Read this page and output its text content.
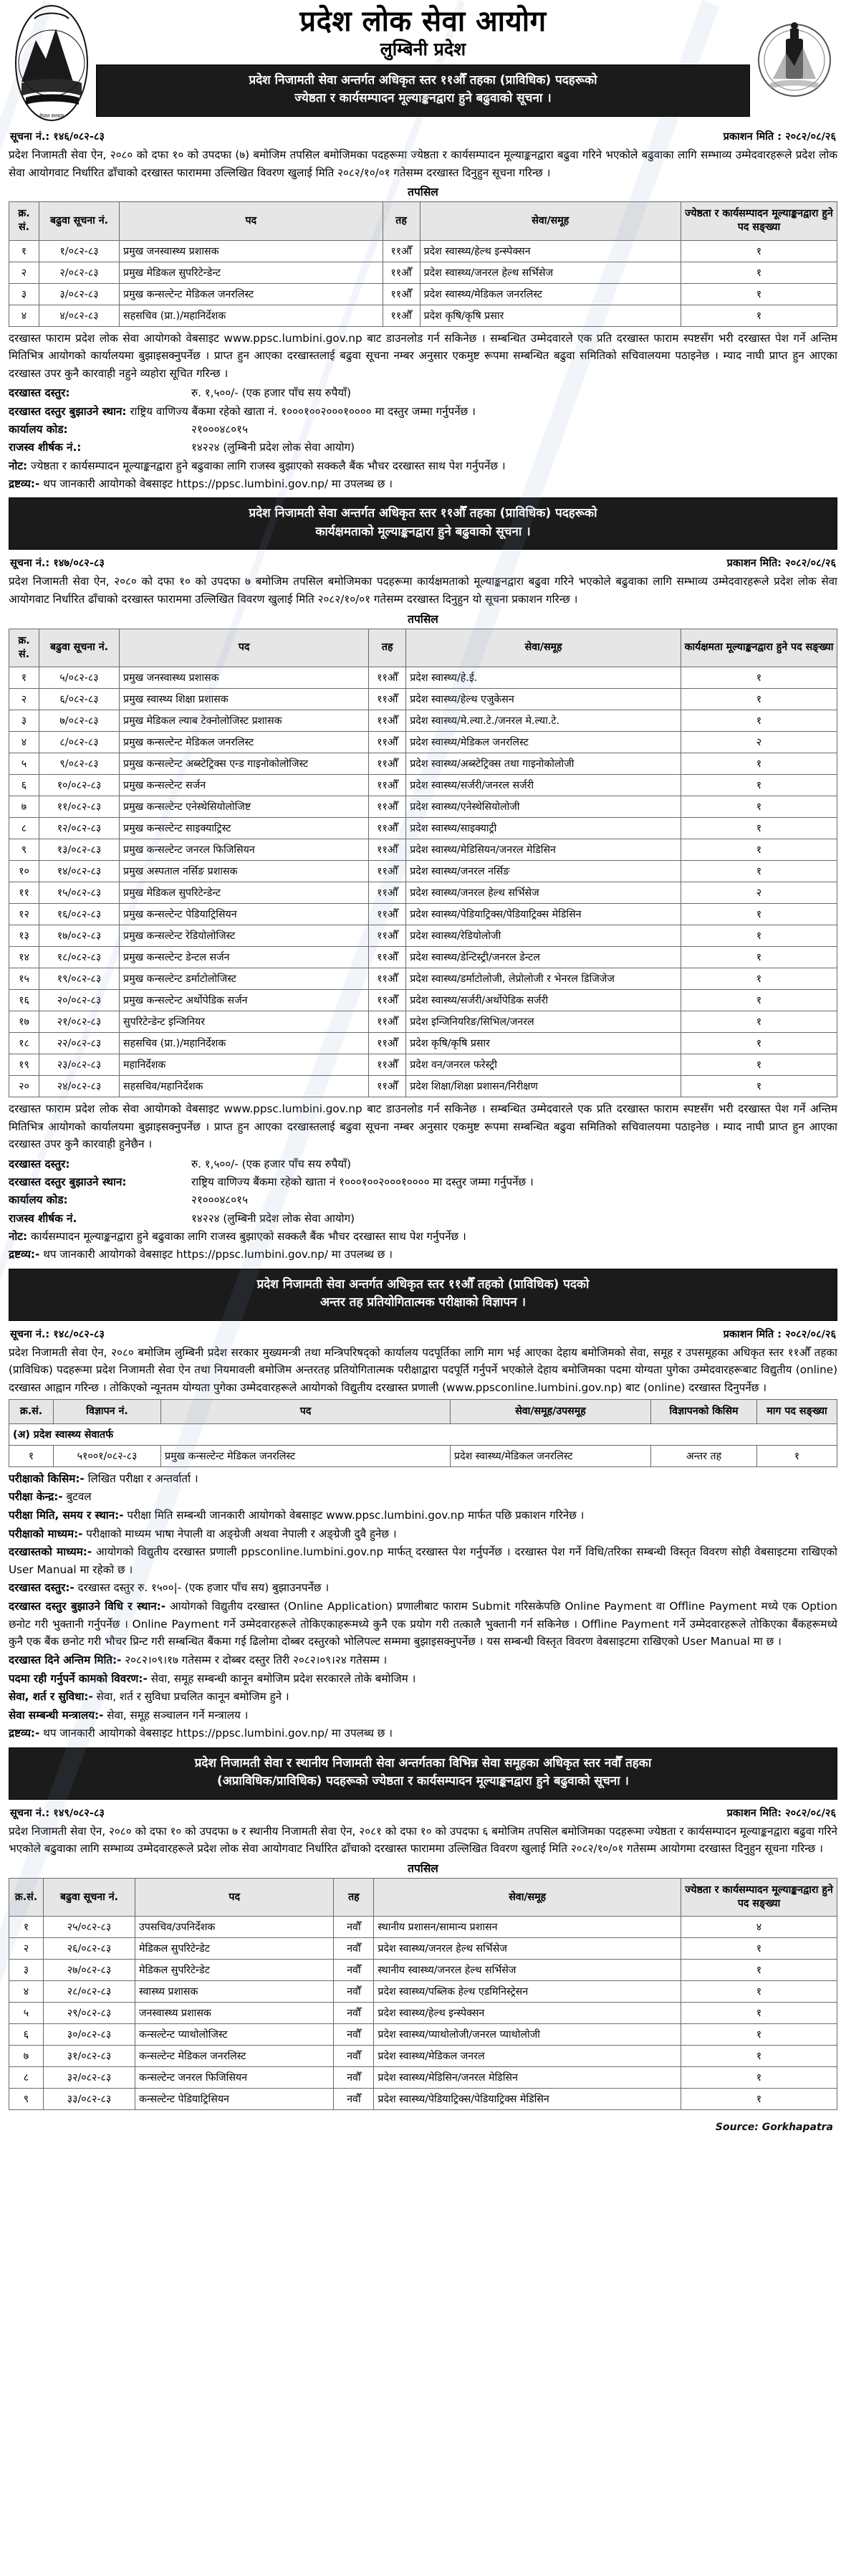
नेपाल सरकार
प्रदेश लोक सेवा आयोग
लुम्बिनी प्रदेश
प्रदेश निजामती सेवा अन्तर्गत अधिकृत स्तर ११औँ तहका (प्राविधिक) पदहरूको
ज्येष्ठता र कार्यसम्पादन मूल्याङ्कनद्वारा हुने बढुवाको सूचना ।
सूचना नं.: १४६/०८२-८३	प्रकाशन मिति : २०८२/०८/२६

प्रदेश निजामती सेवा ऐन, २०८० को दफा १० को उपदफा (७) बमोजिम तपसिल बमोजिमका पदहरूमा ज्येष्ठता र कार्यसम्पादन मूल्याङ्कनद्वारा बढुवा गरिने भएकोले बढुवाका लागि सम्भाव्य उम्मेदवारहरूले प्रदेश लोक सेवा आयोगवाट निर्धारित ढाँचाको दरखास्त फाराममा उल्लिखित विवरण खुलाई मिति २०८२/१०/०१ गतेसम्म दरखास्त दिनुहुन सूचना गरिन्छ ।

तपसिल
क्र. सं.	बढुवा सूचना नं.	पद	तह	सेवा/समूह	ज्येष्ठता र कार्यसम्पादन मूल्याङ्कनद्वारा हुने पद सङ्ख्या
१	१/०८२-८३	प्रमुख जनस्वास्थ्य प्रशासक	११औँ	प्रदेश स्वास्थ्य/हेल्थ इन्स्पेक्सन	१
२	२/०८२-८३	प्रमुख मेडिकल सुपरिटेन्डेन्ट	११औँ	प्रदेश स्वास्थ्य/जनरल हेल्थ सर्भिसेज	१
३	३/०८२-८३	प्रमुख कन्सल्टेन्ट मेडिकल जनरलिस्ट	११औँ	प्रदेश स्वास्थ्य/मेडिकल जनरलिस्ट	१
४	४/०८२-८३	सहसचिव (प्रा.)/महानिर्देशक	११औँ	प्रदेश कृषि/कृषि प्रसार	१

दरखास्त फाराम प्रदेश लोक सेवा आयोगको वेबसाइट www.ppsc.lumbini.gov.np बाट डाउनलोड गर्न सकिनेछ । सम्बन्धित उम्मेदवारले एक प्रति दरखास्त फाराम स्पष्टसँग भरी दरखास्त पेश गर्ने अन्तिम मितिभित्र आयोगको कार्यालयमा बुझाइसक्नुपर्नेछ । प्राप्त हुन आएका दरखास्तलाई बढुवा सूचना नम्बर अनुसार एकमुष्ट रूपमा सम्बन्धित बढुवा समितिको सचिवालयमा पठाइनेछ । म्याद नाघी प्राप्त हुन आएका दरखास्त उपर कुनै कारवाही नहुने व्यहोरा सूचित गरिन्छ ।

दरखास्त दस्तुर:	रु. १,५००/- (एक हजार पाँच सय रुपैयाँ)
दरखास्त दस्तुर बुझाउने स्थान: राष्ट्रिय वाणिज्य बैंकमा रहेको खाता नं. १०००१००२०००१०००० मा दस्तुर जम्मा गर्नुपर्नेछ ।
कार्यालय कोड:	२१०००४८०१५
राजस्व शीर्षक नं.:	१४२२४ (लुम्बिनी प्रदेश लोक सेवा आयोग)
नोट: ज्येष्ठता र कार्यसम्पादन मूल्याङ्कनद्वारा हुने बढुवाका लागि राजस्व बुझाएको सक्कलै बैंक भौचर दरखास्त साथ पेश गर्नुपर्नेछ ।
द्रष्टव्य:- थप जानकारी आयोगको वेबसाइट https://ppsc.lumbini.gov.np/ मा उपलब्ध छ ।
प्रदेश निजामती सेवा अन्तर्गत अधिकृत स्तर ११औँ तहका (प्राविधिक) पदहरूको
कार्यक्षमताको मूल्याङ्कनद्वारा हुने बढुवाको सूचना ।
सूचना नं.: १४७/०८२-८३	प्रकाशन मिति: २०८२/०८/२६

प्रदेश निजामती सेवा ऐन, २०८० को दफा १० को उपदफा ७ बमोजिम तपसिल बमोजिमका पदहरूमा कार्यक्षमताको मूल्याङ्कनद्वारा बढुवा गरिने भएकोले बढुवाका लागि सम्भाव्य उम्मेदवारहरूले प्रदेश लोक सेवा आयोगवाट निर्धारित ढाँचाको दरखास्त फाराममा उल्लिखित विवरण खुलाई मिति २०८२/१०/०१ गतेसम्म दरखास्त दिनुहुन यो सूचना प्रकाशन गरिन्छ ।

तपसिल
क्र. सं.	बढुवा सूचना नं.	पद	तह	सेवा/समूह	कार्यक्षमता मूल्याङ्कनद्वारा हुने पद सङ्ख्या
१	५/०८२-८३	प्रमुख जनस्वास्थ्य प्रशासक	११औँ	प्रदेश स्वास्थ्य/हे.ई.	१
२	६/०८२-८३	प्रमुख स्वास्थ्य शिक्षा प्रशासक	११औँ	प्रदेश स्वास्थ्य/हेल्थ एजुकेसन	१
३	७/०८२-८३	प्रमुख मेडिकल ल्याब टेक्नोलोजिस्ट प्रशासक	११औँ	प्रदेश स्वास्थ्य/मे.ल्या.टे./जनरल मे.ल्या.टे.	१
४	८/०८२-८३	प्रमुख कन्सल्टेन्ट मेडिकल जनरलिस्ट	११औँ	प्रदेश स्वास्थ्य/मेडिकल जनरलिस्ट	२
५	९/०८२-८३	प्रमुख कन्सल्टेन्ट अब्स्टेट्रिक्स एन्ड गाइनोकोलोजिस्ट	११औँ	प्रदेश स्वास्थ्य/अब्स्टेट्रिक्स तथा गाइनोकोलोजी	१
६	१०/०८२-८३	प्रमुख कन्सल्टेन्ट सर्जन	११औँ	प्रदेश स्वास्थ्य/सर्जरी/जनरल सर्जरी	१
७	११/०८२-८३	प्रमुख कन्सल्टेन्ट एनेस्थेसियोलोजिष्ट	११औँ	प्रदेश स्वास्थ्य/एनेस्थेसियोलोजी	१
८	१२/०८२-८३	प्रमुख कन्सल्टेन्ट साइक्याट्रिस्ट	११औँ	प्रदेश स्वास्थ्य/साइक्याट्री	१
९	१३/०८२-८३	प्रमुख कन्सल्टेन्ट जनरल फिजिसियन	११औँ	प्रदेश स्वास्थ्य/मेडिसियन/जनरल मेडिसिन	१
१०	१४/०८२-८३	प्रमुख अस्पताल नर्सिङ प्रशासक	११औँ	प्रदेश स्वास्थ्य/जनरल नर्सिङ	१
११	१५/०८२-८३	प्रमुख मेडिकल सुपरिटेन्डेन्ट	११औँ	प्रदेश स्वास्थ्य/जनरल हेल्थ सर्भिसेज	२
१२	१६/०८२-८३	प्रमुख कन्सल्टेन्ट पेडियाट्रिसियन	११औँ	प्रदेश स्वास्थ्य/पेडियाट्रिक्स/पेडियाट्रिक्स मेडिसिन	१
१३	१७/०८२-८३	प्रमुख कन्सल्टेन्ट रेडियोलोजिस्ट	११औँ	प्रदेश स्वास्थ्य/रेडियोलोजी	१
१४	१८/०८२-८३	प्रमुख कन्सल्टेन्ट डेन्टल सर्जन	११औँ	प्रदेश स्वास्थ्य/डेन्टिस्ट्री/जनरल डेन्टल	१
१५	१९/०८२-८३	प्रमुख कन्सल्टेन्ट डर्माटोलोजिस्ट	११औँ	प्रदेश स्वास्थ्य/डर्माटोलोजी, लेप्रोलोजी र भेनरल डिजिजेज	१
१६	२०/०८२-८३	प्रमुख कन्सल्टेन्ट अर्थोपेडिक सर्जन	११औँ	प्रदेश स्वास्थ्य/सर्जरी/अर्थोपेडिक सर्जरी	१
१७	२१/०८२-८३	सुपरिटेन्डेन्ट इन्जिनियर	११औँ	प्रदेश इन्जिनियरिङ/सिभिल/जनरल	१
१८	२२/०८२-८३	सहसचिव (प्रा.)/महानिर्देशक	११औँ	प्रदेश कृषि/कृषि प्रसार	१
१९	२३/०८२-८३	महानिर्देशक	११औँ	प्रदेश वन/जनरल फरेस्ट्री	१
२०	२४/०८२-८३	सहसचिव/महानिर्देशक	११औँ	प्रदेश शिक्षा/शिक्षा प्रशासन/निरीक्षण	१

दरखास्त फाराम प्रदेश लोक सेवा आयोगको वेबसाइट www.ppsc.lumbini.gov.np बाट डाउनलोड गर्न सकिनेछ । सम्बन्धित उम्मेदवारले एक प्रति दरखास्त फाराम स्पष्टसँग भरी दरखास्त पेश गर्ने अन्तिम मितिभित्र आयोगको कार्यालयमा बुझाइसक्नुपर्नेछ । प्राप्त हुन आएका दरखास्तलाई बढुवा सूचना नम्बर अनुसार एकमुष्ट रूपमा सम्बन्धित बढुवा समितिको सचिवालयमा पठाइनेछ । म्याद नाघी प्राप्त हुन आएका दरखास्त उपर कुनै कारवाही हुनेछैन ।

दरखास्त दस्तुर:	रु. १,५००/- (एक हजार पाँच सय रुपैयाँ)
दरखास्त दस्तुर बुझाउने स्थान:	राष्ट्रिय वाणिज्य बैंकमा रहेको खाता नं १०००१००२०००१०००० मा दस्तुर जम्मा गर्नुपर्नेछ ।
कार्यालय कोड:	२१०००४८०१५
राजस्व शीर्षक नं.	१४२२४ (लुम्बिनी प्रदेश लोक सेवा आयोग)
नोट: कार्यसम्पादन मूल्याङ्कनद्वारा हुने बढुवाका लागि राजस्व बुझाएको सक्कलै बैंक भौचर दरखास्त साथ पेश गर्नुपर्नेछ ।
द्रष्टव्य:- थप जानकारी आयोगको वेबसाइट https://ppsc.lumbini.gov.np/ मा उपलब्ध छ ।
प्रदेश निजामती सेवा अन्तर्गत अधिकृत स्तर ११औँ तहको (प्राविधिक) पदको
अन्तर तह प्रतियोगितात्मक परीक्षाको विज्ञापन ।
सूचना नं.: १४८/०८२-८३	प्रकाशन मिति : २०८२/०८/२६

प्रदेश निजामती सेवा ऐन, २०८० बमोजिम लुम्बिनी प्रदेश सरकार मुख्यमन्त्री तथा मन्त्रिपरिषद्को कार्यालय पदपूर्तिका लागि माग भई आएका देहाय बमोजिमको सेवा, समूह र उपसमूहका अधिकृत स्तर ११औँ तहका (प्राविधिक) पदहरूमा प्रदेश निजामती सेवा ऐन तथा नियमावली बमोजिम अन्तरतह प्रतियोगितात्मक परीक्षाद्वारा पदपूर्ति गर्नुपर्ने भएकोले देहाय बमोजिमका पदमा योग्यता पुगेका उम्मेदवारहरूबाट विद्युतीय (online) दरखास्त आह्वान गरिन्छ । तोकिएको न्यूनतम योग्यता पुगेका उम्मेदवारहरूले आयोगको विद्युतीय दरखास्त प्रणाली (www.ppsconline.lumbini.gov.np) बाट (online) दरखास्त दिनुपर्नेछ ।

क्र.सं.	विज्ञापन नं.	पद	सेवा/समूह/उपसमूह	विज्ञापनको किसिम	माग पद सङ्ख्या
(अ) प्रदेश स्वास्थ्य सेवातर्फ					
१	५१००१/०८२-८३	प्रमुख कन्सल्टेन्ट मेडिकल जनरलिस्ट	प्रदेश स्वास्थ्य/मेडिकल जनरलिस्ट	अन्तर तह	१
परीक्षाको किसिम:- लिखित परीक्षा र अन्तर्वार्ता ।
परीक्षा केन्द्र:- बुटवल
परीक्षा मिति, समय र स्थान:- परीक्षा मिति सम्बन्धी जानकारी आयोगको वेबसाइट www.ppsc.lumbini.gov.np मार्फत पछि प्रकाशन गरिनेछ ।
परीक्षाको माध्यम:- परीक्षाको माध्यम भाषा नेपाली वा अङ्ग्रेजी अथवा नेपाली र अङ्ग्रेजी दुवै हुनेछ ।
दरखास्तको माध्यम:- आयोगको विद्युतीय दरखास्त प्रणाली ppsconline.lumbini.gov.np मार्फत् दरखास्त पेश गर्नुपर्नेछ । दरखास्त पेश गर्ने विधि/तरिका सम्बन्धी विस्तृत विवरण सोही वेबसाइटमा राखिएको User Manual मा रहेको छ ।
दरखास्त दस्तुर:- दरखास्त दस्तुर रु. १५००|- (एक हजार पाँच सय) बुझाउनपर्नेछ ।
दरखास्त दस्तुर बुझाउने विधि र स्थान:- आयोगको विद्युतीय दरखास्त (Online Application) प्रणालीबाट फाराम Submit गरिसकेपछि Online Payment वा Offline Payment मध्ये एक Option छनोट गरी भुक्तानी गर्नुपर्नेछ । Online Payment गर्ने उम्मेदवारहरूले तोकिएकाहरूमध्ये कुनै एक प्रयोग गरी तत्कालै भुक्तानी गर्न सकिनेछ । Offline Payment गर्ने उम्मेदवारहरूले तोकिएका बैंकहरूमध्ये कुनै एक बैंक छनोट गरी भौचर प्रिन्ट गरी सम्बन्धित बैंकमा गई ढिलोमा दोब्बर दस्तुरको भोलिपल्ट सम्ममा बुझाइसक्नुपर्नेछ । यस सम्बन्धी विस्तृत विवरण वेबसाइटमा राखिएको User Manual मा छ ।
दरखास्त दिने अन्तिम मिति:- २०८२।०९।१७ गतेसम्म र दोब्बर दस्तुर तिरी २०८२।०९।२४ गतेसम्म ।
पदमा रही गर्नुपर्ने कामको विवरण:- सेवा, समूह सम्बन्धी कानून बमोजिम प्रदेश सरकारले तोके बमोजिम ।
सेवा, शर्त र सुविधा:- सेवा, शर्त र सुविधा प्रचलित कानून बमोजिम हुने ।
सेवा सम्बन्धी मन्त्रालय:- सेवा, समूह सञ्चालन गर्ने मन्त्रालय ।
द्रष्टव्य:- थप जानकारी आयोगको वेबसाइट https://ppsc.lumbini.gov.np/ मा उपलब्ध छ ।
प्रदेश निजामती सेवा र स्थानीय निजामती सेवा अन्तर्गतका विभिन्न सेवा समूहका अधिकृत स्तर नवौँ तहका
(अप्राविधिक/प्राविधिक) पदहरूको ज्येष्ठता र कार्यसम्पादन मूल्याङ्कनद्वारा हुने बढुवाको सूचना ।
सूचना नं.: १४९/०८२-८३	प्रकाशन मिति: २०८२/०८/२६

प्रदेश निजामती सेवा ऐन, २०८० को दफा १० को उपदफा ७ र स्थानीय निजामती सेवा ऐन, २०८१ को दफा १० को उपदफा ६ बमोजिम तपसिल बमोजिमका पदहरूमा ज्येष्ठता र कार्यसम्पादन मूल्याङ्कनद्वारा बढुवा गरिने भएकोले बढुवाका लागि सम्भाव्य उम्मेदवारहरूले प्रदेश लोक सेवा आयोगवाट निर्धारित ढाँचाको दरखास्त फाराममा उल्लिखित विवरण खुलाई मिति २०८२/१०/०१ गतेसम्म आयोगमा दरखास्त दिनुहुन सूचना गरिन्छ ।

तपसिल
क्र.सं.	बढुवा सूचना नं.	पद	तह	सेवा/समूह	ज्येष्ठता र कार्यसम्पादन मूल्याङ्कनद्वारा हुने पद सङ्ख्या
१	२५/०८२-८३	उपसचिव/उपनिर्देशक	नवौँ	स्थानीय प्रशासन/सामान्य प्रशासन	४
२	२६/०८२-८३	मेडिकल सुपरिटेन्डेट	नवौँ	प्रदेश स्वास्थ्य/जनरल हेल्थ सर्भिसेज	१
३	२७/०८२-८३	मेडिकल सुपरिटेन्डेट	नवौँ	स्थानीय स्वास्थ्य/जनरल हेल्थ सर्भिसेज	१
४	२८/०८२-८३	स्वास्थ्य प्रशासक	नवौँ	प्रदेश स्वास्थ्य/पब्लिक हेल्थ एडमिनिस्ट्रेसन	१
५	२९/०८२-८३	जनस्वास्थ्य प्रशासक	नवौँ	प्रदेश स्वास्थ्य/हेल्थ इन्स्पेक्सन	१
६	३०/०८२-८३	कन्सल्टेन्ट प्याथोलोजिस्ट	नवौँ	प्रदेश स्वास्थ्य/प्याथोलोजी/जनरल प्याथोलोजी	१
७	३१/०८२-८३	कन्सल्टेन्ट मेडिकल जनरलिस्ट	नवौँ	प्रदेश स्वास्थ्य/मेडिकल जनरल	१
८	३२/०८२-८३	कन्सल्टेन्ट जनरल फिजिसियन	नवौँ	प्रदेश स्वास्थ्य/मेडिसिन/जनरल मेडिसिन	१
९	३३/०८२-८३	कन्सल्टेन्ट पेडियाट्रिसियन	नवौँ	प्रदेश स्वास्थ्य/पेडियाट्रिक्स/पेडियाट्रिक्स मेडिसिन	१
Source: Gorkhapatra
